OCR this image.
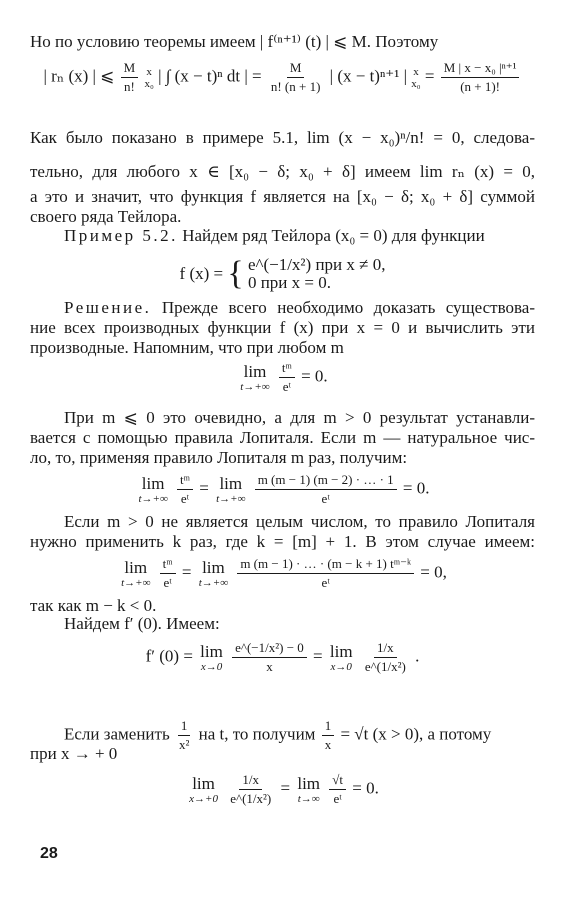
Но по условию теоремы имеем | f⁽ⁿ⁺¹⁾ (t) | ⩽ M. Поэтому
| rₙ (x) | ⩽ $\frac{M}{n!}$
x
x₀ | ∫ (x − t)ⁿ dt | = $\frac{M}{n! (n + 1)}$ | (x − t)ⁿ⁺¹ | x
$x_0 = \frac{\text{M | x − x₀ |ⁿ⁺¹}}{(n + 1)!}$
Как было показано в примере 5.1, lim (x − x₀)ⁿ/n! = 0, следова-
тельно, для любого x ∈ [x₀ − δ; x₀ + δ] имеем lim rₙ (x) = 0,
а это и значит, что функция f является на [x₀ − δ; x₀ + δ] суммой
своего ряда Тейлора.
Пример 5.2. Найдем ряд Тейлора (x₀ = 0) для функции
f (x) = { e^(−1/x²) при x ≠ 0,
0 при x = 0.
Решение. Прежде всего необходимо доказать существова-
ние всех производных функции f (x) при x = 0 и вычислить эти
производные. Напомним, что при любом m
lim
t→+∞
$\frac{\text{tᵐ}}{\text{eᵗ}} = 0$.
При m ⩽ 0 это очевидно, а для m > 0 результат устанавли-
вается с помощью правила Лопиталя. Если m — натуральное чис-
ло, то, применяя правило Лопиталя m раз, получим:
lim
t→+∞
$\frac{\text{tᵐ}}{\text{eᵗ}} = \lim$
t→+∞
$\frac{m (m - 1) (m - 2) \cdot \dots \cdot 1}{\text{eᵗ}} = 0$.
Если m > 0 не является целым числом, то правило Лопиталя
нужно применить k раз, где k = [m] + 1. В этом случае имеем:
lim
t→+∞
$\frac{\text{tᵐ}}{\text{eᵗ}} = \lim$
t→+∞
$\frac{\text{m (m − 1) · … · (m − k + 1) tᵐ⁻ᵏ}}{\text{eᵗ}} = 0$,
так как m − k < 0.
Найдем f′ (0). Имеем:
f′ (0) = lim
x→0
$\frac{\text{e\textasciicircum{}(−1/x²) − 0}}{x} = \lim$
x→0
$\frac{1/x}{\text{e\textasciicircum{}(1/x²)}}$ .
Если заменить $\frac{1}{\text{x²}}$ на t, то получим $\frac{1}{x} = √t$ (x > 0), а потому
при x → + 0
lim
x→+0
$\frac{1/x}{\text{e\textasciicircum{}(1/x²)}} = \lim$
t→∞
$\frac{√t}{\text{eᵗ}} = 0$.
28
